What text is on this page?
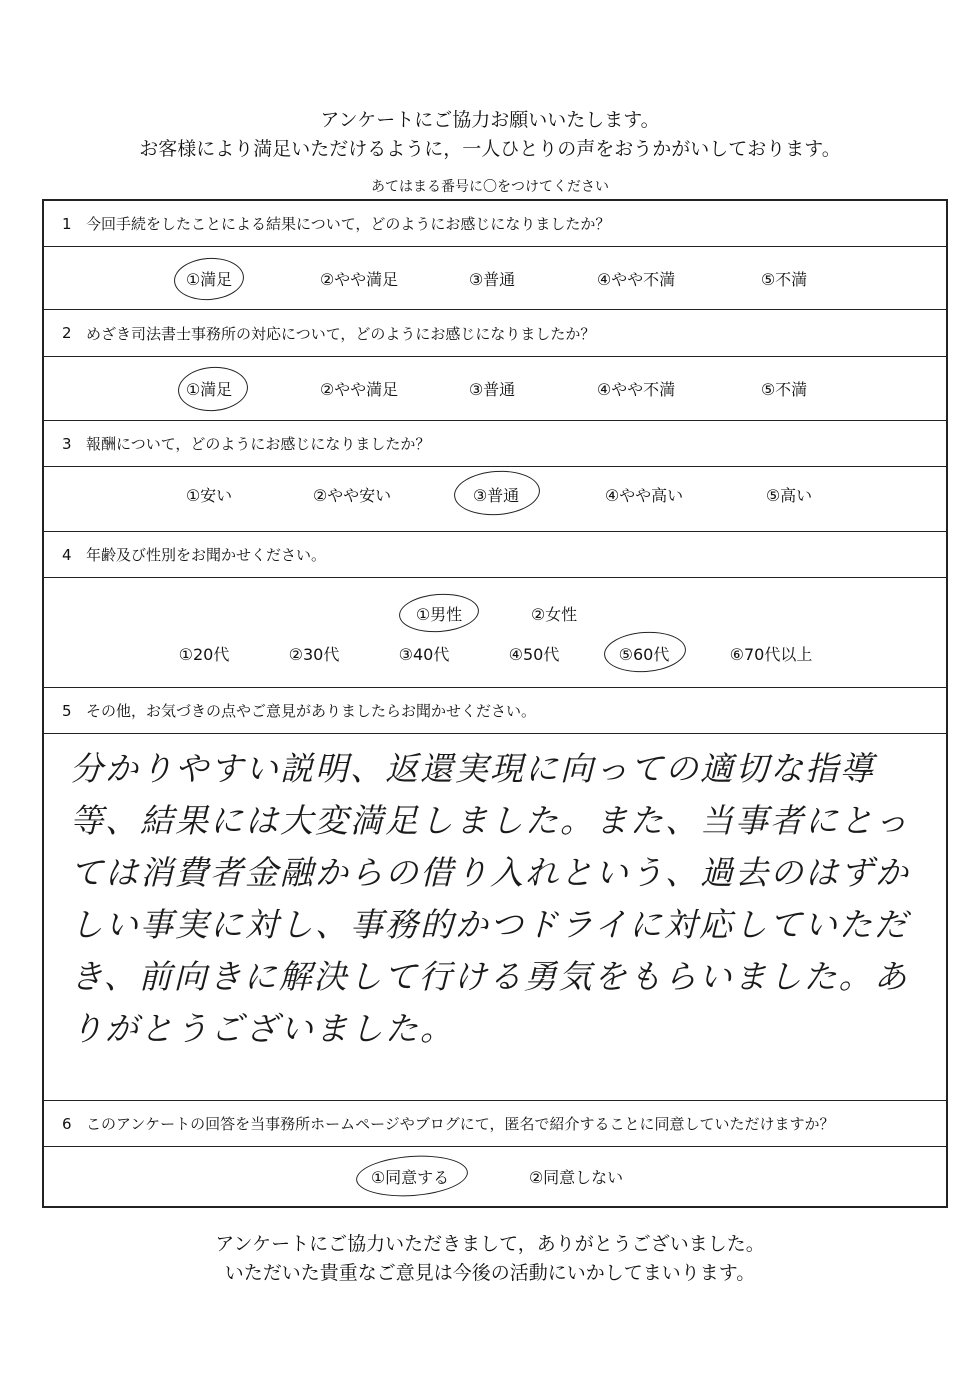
アンケートにご協力お願いいたします。
お客様により満足いただけるように，一人ひとりの声をおうかがいしております。
あてはまる番号に〇をつけてください
1 今回手続をしたことによる結果について，どのようにお感じになりましたか？
①満足	②やや満足	③普通	④やや不満	⑤不満
2 めざき司法書士事務所の対応について，どのようにお感じになりましたか？
①満足	②やや満足	③普通	④やや不満	⑤不満
3 報酬について，どのようにお感じになりましたか？
①安い	②やや安い	③普通	④やや高い	⑤高い
4 年齢及び性別をお聞かせください。
①男性	②女性
①20代	②30代	③40代	④50代	⑤60代	⑥70代以上
5 その他，お気づきの点やご意見がありましたらお聞かせください。
分かりやすい説明、返還実現に向っての適切な指導等、結果には大変満足しました。また、当事者にとっては消費者金融からの借り入れという、過去のはずかしい事実に対し、事務的かつドライに対応していただき、前向きに解決して行ける勇気をもらいました。ありがとうございました。
6 このアンケートの回答を当事務所ホームページやブログにて，匿名で紹介することに同意していただけますか？
①同意する	②同意しない
アンケートにご協力いただきまして，ありがとうございました。
いただいた貴重なご意見は今後の活動にいかしてまいります。
